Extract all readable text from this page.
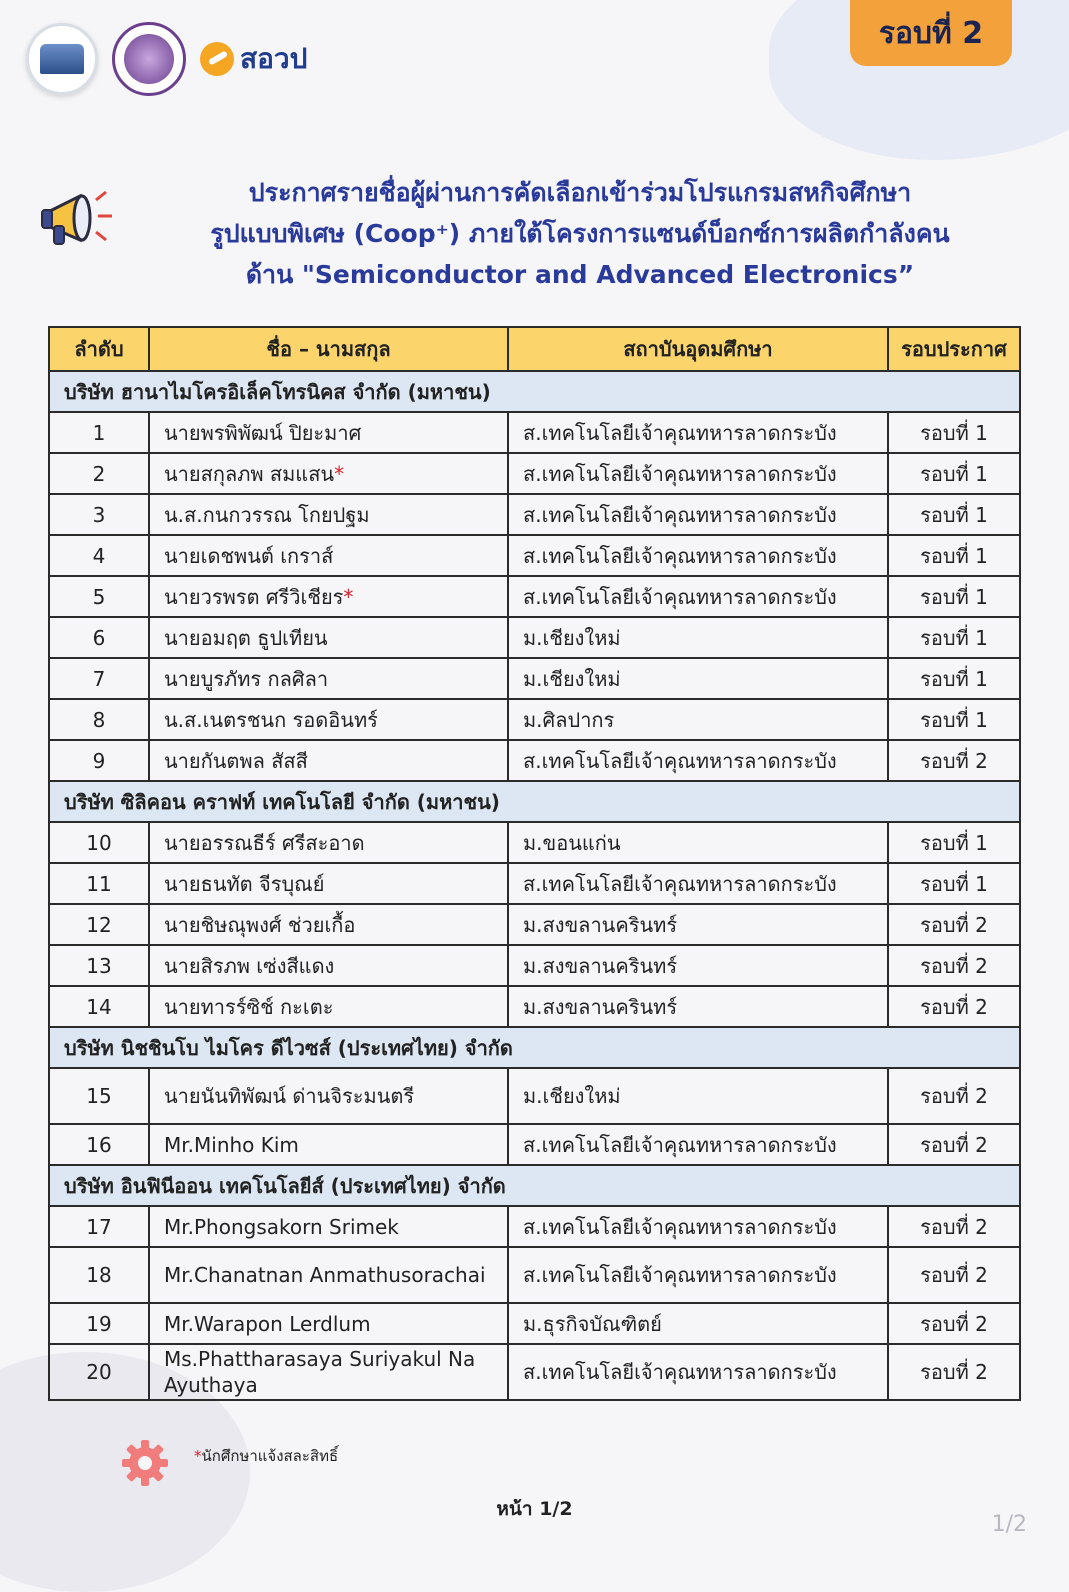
สอวป
รอบที่ 2
ประกาศรายชื่อผู้ผ่านการคัดเลือกเข้าร่วมโปรแกรมสหกิจศึกษา
รูปแบบพิเศษ (Coop⁺) ภายใต้โครงการแซนด์บ็อกซ์การผลิตกำลังคน
ด้าน "Semiconductor and Advanced Electronics”
ลำดับ	ชื่อ – นามสกุล	สถาบันอุดมศึกษา	รอบประกาศ
บริษัท ฮานาไมโครอิเล็คโทรนิคส จำกัด (มหาชน)			
1	นายพรพิพัฒน์ ปิยะมาศ	ส.เทคโนโลยีเจ้าคุณทหารลาดกระบัง	รอบที่ 1
2	นายสกุลภพ สมแสน*	ส.เทคโนโลยีเจ้าคุณทหารลาดกระบัง	รอบที่ 1
3	น.ส.กนกวรรณ โกยปฐม	ส.เทคโนโลยีเจ้าคุณทหารลาดกระบัง	รอบที่ 1
4	นายเดชพนต์ เกราส์	ส.เทคโนโลยีเจ้าคุณทหารลาดกระบัง	รอบที่ 1
5	นายวรพรต ศรีวิเชียร*	ส.เทคโนโลยีเจ้าคุณทหารลาดกระบัง	รอบที่ 1
6	นายอมฤต ธูปเทียน	ม.เชียงใหม่	รอบที่ 1
7	นายบูรภัทร กลศิลา	ม.เชียงใหม่	รอบที่ 1
8	น.ส.เนตรชนก รอดอินทร์	ม.ศิลปากร	รอบที่ 1
9	นายกันตพล สัสสี	ส.เทคโนโลยีเจ้าคุณทหารลาดกระบัง	รอบที่ 2
บริษัท ซิลิคอน คราฟท์ เทคโนโลยี จำกัด (มหาชน)			
10	นายอรรณธีร์ ศรีสะอาด	ม.ขอนแก่น	รอบที่ 1
11	นายธนทัต จีรบุณย์	ส.เทคโนโลยีเจ้าคุณทหารลาดกระบัง	รอบที่ 1
12	นายชิษณุพงศ์ ช่วยเกื้อ	ม.สงขลานครินทร์	รอบที่ 2
13	นายสิรภพ เซ่งสีแดง	ม.สงขลานครินทร์	รอบที่ 2
14	นายทารร์ซิช์ กะเตะ	ม.สงขลานครินทร์	รอบที่ 2
บริษัท นิชชินโบ ไมโคร ดีไวซส์ (ประเทศไทย) จำกัด			
15	นายนันทิพัฒน์ ด่านจิระมนตรี	ม.เชียงใหม่	รอบที่ 2
16	Mr.Minho Kim	ส.เทคโนโลยีเจ้าคุณทหารลาดกระบัง	รอบที่ 2
บริษัท อินฟินีออน เทคโนโลยีส์ (ประเทศไทย) จำกัด			
17	Mr.Phongsakorn Srimek	ส.เทคโนโลยีเจ้าคุณทหารลาดกระบัง	รอบที่ 2
18	Mr.Chanatnan Anmathusorachai	ส.เทคโนโลยีเจ้าคุณทหารลาดกระบัง	รอบที่ 2
19	Mr.Warapon Lerdlum	ม.ธุรกิจบัณฑิตย์	รอบที่ 2
20	Ms.Phattharasaya Suriyakul Na Ayuthaya	ส.เทคโนโลยีเจ้าคุณทหารลาดกระบัง	รอบที่ 2
*นักศึกษาแจ้งสละสิทธิ์
หน้า 1/2
1/2
